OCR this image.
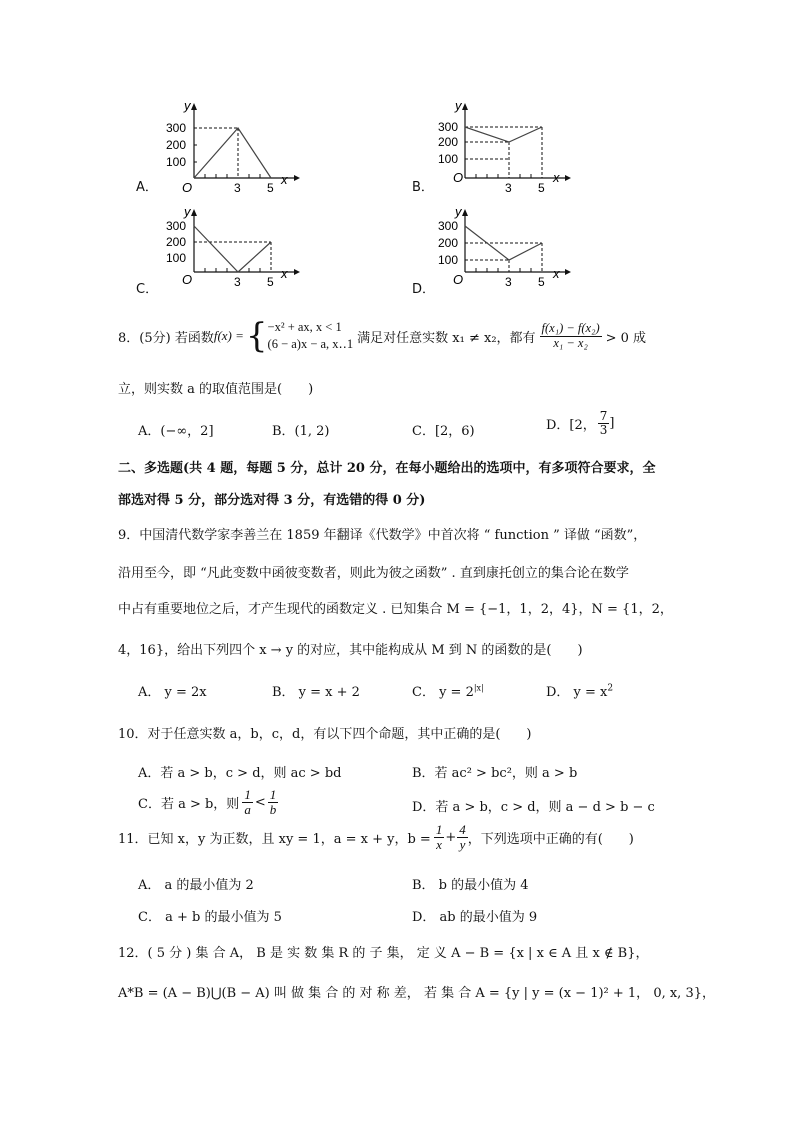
A．
y
300
200
100
O	3 5
x
B．
y
300
200
100
O
3 5
x
C．
y
300
200
100
O	3 5
x
D．
y
300
200
100
O	3 5
x
8．(5分) 若函数 f(x) = { −x² + ax, x < 1
(6 − a)x − a, x‥1 满足对任意实数 x₁ ≠ x₂，都有 $\frac{\text{f(x₁) − f(x₂)}}{\text{x₁ − x₂}} > 0$ 成
立，则实数 a 的取值范围是(　　)
A．(−∞，2]	B．(1, 2)	C．[2，6)	D．[2， $\frac{7}{3}$ ]
二、多选题(共 4 题，每题 5 分，总计 20 分，在每小题给出的选项中，有多项符合要求，全
部选对得 5 分，部分选对得 3 分，有选错的得 0 分)
9．中国清代数学家李善兰在 1859 年翻译《代数学》中首次将 “ function ” 译做 “函数”，
沿用至今，即 “凡此变数中函彼变数者，则此为彼之函数” . 直到康托创立的集合论在数学
中占有重要地位之后，才产生现代的函数定义 . 已知集合 M = {−1，1，2，4}，N = {1，2，
4，16}，给出下列四个 x → y 的对应，其中能构成从 M 到 N 的函数的是(　　)
A． y = 2x	B． y = x + 2	C． $y = 2^{|x|}$	D． $y = x^2$
10．对于任意实数 a，b，c，d，有以下四个命题，其中正确的是(　　)
A．若 a > b，c > d，则 ac > bd	B．若 ac² > bc²，则 a > b
C．若 a > b，则 $\frac{1}{a} < \frac{1}{b}$	D．若 a > b，c > d，则 a − d > b − c
11．已知 x，y 为正数，且 xy = 1，a = x + y，$b = \frac{1}{x} + \frac{4}{y}$ ，下列选项中正确的有(　　)
A． a 的最小值为 2	B． b 的最小值为 4
C． a + b 的最小值为 5	D． ab 的最小值为 9
12．( 5 分 ) 集 合 A， B 是 实 数 集 R 的 子 集， 定 义 A − B = {x | x ∈ A 且 x ∉ B}，
A*B = (A − B)⋃(B − A) 叫 做 集 合 的 对 称 差， 若 集 合 A = {y | y = (x − 1)² + 1， 0, x, 3}，
